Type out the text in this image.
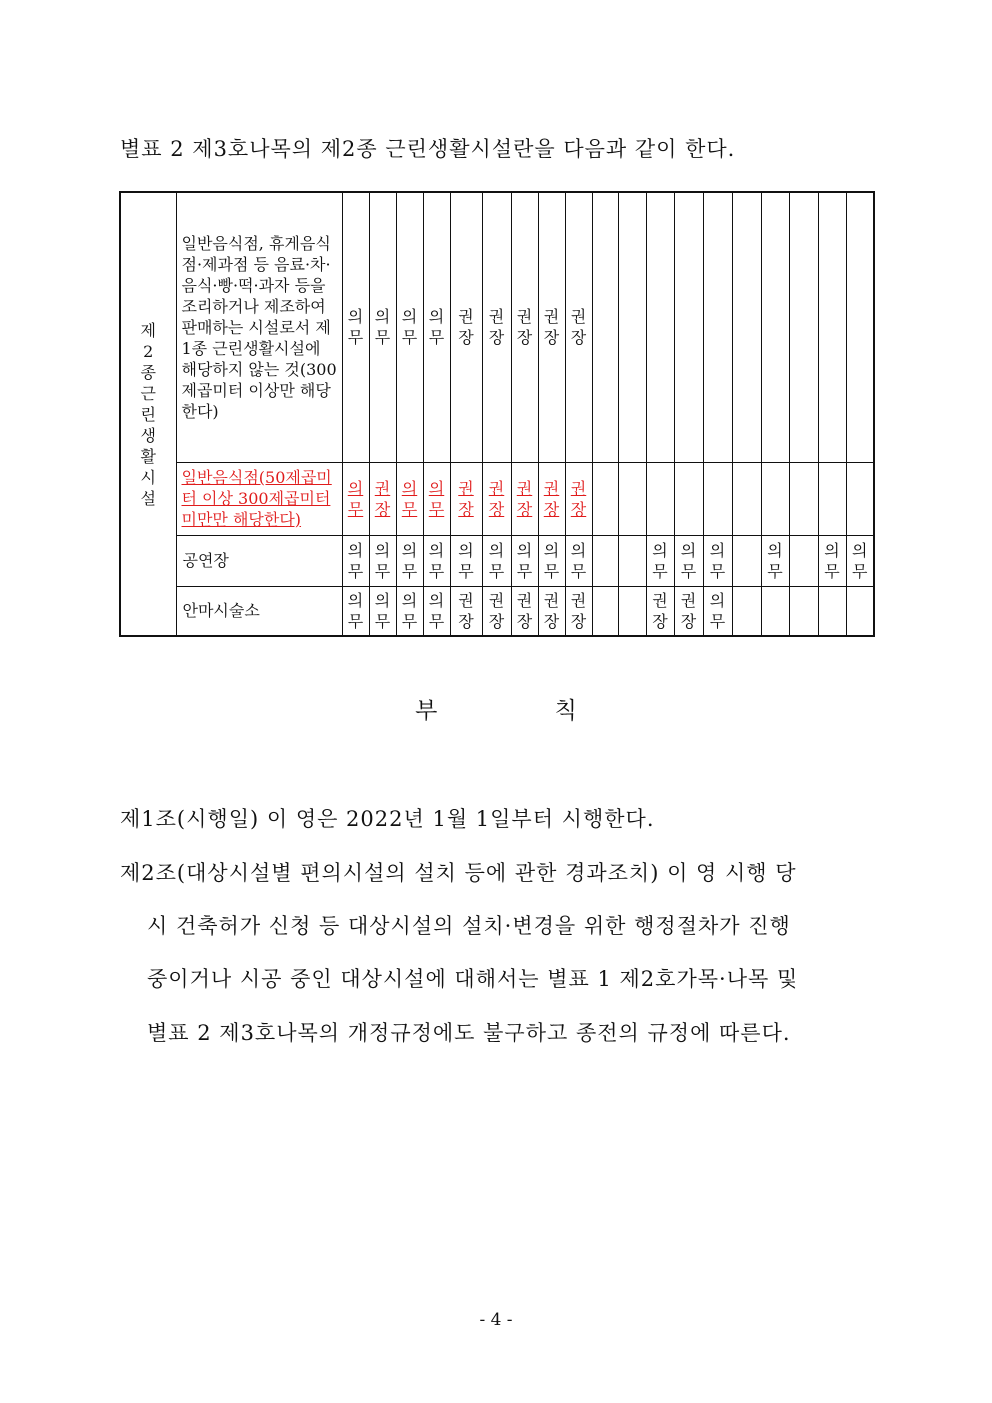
별표 2 제3호나목의 제2종 근린생활시설란을 다음과 같이 한다.
제2종근린생활시설	일반음식점, 휴게음식점·제과점 등 음료·차·음식·빵·떡·과자 등을 조리하거나 제조하여 판매하는 시설로서 제1종 근린생활시설에 해당하지 않는 것(300제곱미터 이상만 해당한다)	의무	의무	의무	의무	권장	권장	권장	권장	권장										
	일반음식점(50제곱미터 이상 300제곱미터 미만만 해당한다)	의무	권장	의무	의무	권장	권장	권장	권장	권장										
	공연장	의무	의무	의무	의무	의무	의무	의무	의무	의무			의무	의무	의무		의무		의무	의무
	안마시술소	의무	의무	의무	의무	권장	권장	권장	권장	권장			권장	권장	의무					
부 칙
제1조(시행일) 이 영은 2022년 1월 1일부터 시행한다.
제2조(대상시설별 편의시설의 설치 등에 관한 경과조치) 이 영 시행 당
시 건축허가 신청 등 대상시설의 설치·변경을 위한 행정절차가 진행
중이거나 시공 중인 대상시설에 대해서는 별표 1 제2호가목·나목 및
별표 2 제3호나목의 개정규정에도 불구하고 종전의 규정에 따른다.
- 4 -
